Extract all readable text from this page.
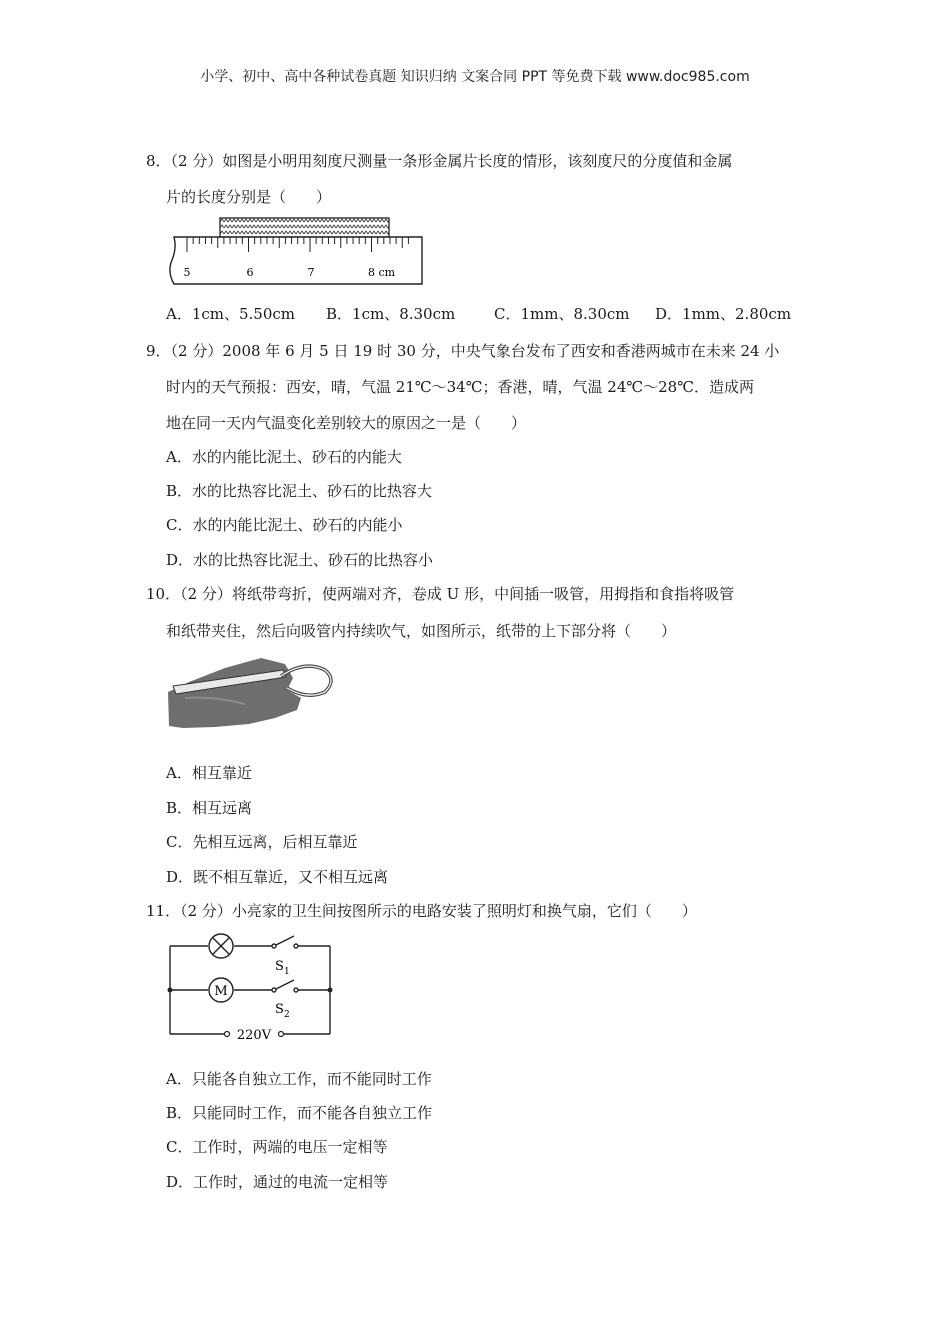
小学、初中、高中各种试卷真题 知识归纳 文案合同 PPT 等免费下载 www.doc985.com
8．（2 分）如图是小明用刻度尺测量一条形金属片长度的情形，该刻度尺的分度值和金属
片的长度分别是（　　）
5	6	7	8 cm
A．1cm、5.50cm B．1cm、8.30cm	C．1mm、8.30cm D．1mm、2.80cm
9．（2 分）2008 年 6 月 5 日 19 时 30 分，中央气象台发布了西安和香港两城市在未来 24 小
时内的天气预报：西安，晴，气温 21℃～34℃；香港，晴，气温 24℃～28℃．造成两
地在同一天内气温变化差别较大的原因之一是（　　）
A．水的内能比泥土、砂石的内能大
B．水的比热容比泥土、砂石的比热容大
C．水的内能比泥土、砂石的内能小
D．水的比热容比泥土、砂石的比热容小
10．（2 分）将纸带弯折，使两端对齐，卷成 U 形，中间插一吸管，用拇指和食指将吸管
和纸带夹住，然后向吸管内持续吹气，如图所示，纸带的上下部分将（　　）
A．相互靠近
B．相互远离
C．先相互远离，后相互靠近
D．既不相互靠近，又不相互远离
11．（2 分）小亮家的卫生间按图所示的电路安装了照明灯和换气扇，它们（　　）
S 1
M
S 2
220V
A．只能各自独立工作，而不能同时工作
B．只能同时工作，而不能各自独立工作
C．工作时，两端的电压一定相等
D．工作时，通过的电流一定相等
